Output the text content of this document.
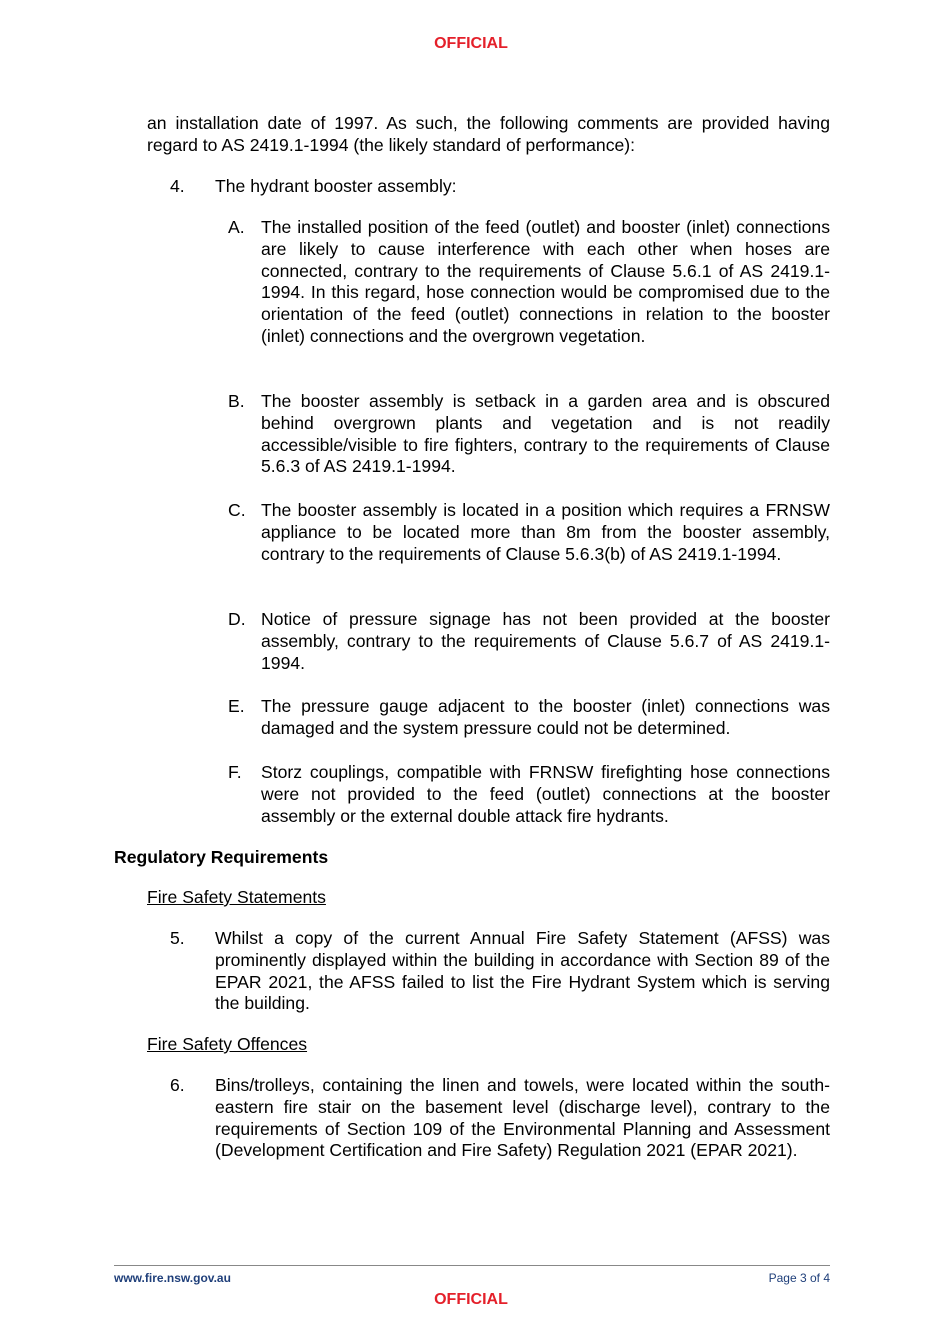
OFFICIAL
an installation date of 1997. As such, the following comments are provided having regard to AS 2419.1-1994 (the likely standard of performance):
4. The hydrant booster assembly:
A. The installed position of the feed (outlet) and booster (inlet) connections are likely to cause interference with each other when hoses are connected, contrary to the requirements of Clause 5.6.1 of AS 2419.1-1994. In this regard, hose connection would be compromised due to the orientation of the feed (outlet) connections in relation to the booster (inlet) connections and the overgrown vegetation.
B. The booster assembly is setback in a garden area and is obscured behind overgrown plants and vegetation and is not readily accessible/visible to fire fighters, contrary to the requirements of Clause 5.6.3 of AS 2419.1-1994.
C. The booster assembly is located in a position which requires a FRNSW appliance to be located more than 8m from the booster assembly, contrary to the requirements of Clause 5.6.3(b) of AS 2419.1-1994.
D. Notice of pressure signage has not been provided at the booster assembly, contrary to the requirements of Clause 5.6.7 of AS 2419.1-1994.
E. The pressure gauge adjacent to the booster (inlet) connections was damaged and the system pressure could not be determined.
F. Storz couplings, compatible with FRNSW firefighting hose connections were not provided to the feed (outlet) connections at the booster assembly or the external double attack fire hydrants.
Regulatory Requirements
Fire Safety Statements
5. Whilst a copy of the current Annual Fire Safety Statement (AFSS) was prominently displayed within the building in accordance with Section 89 of the EPAR 2021, the AFSS failed to list the Fire Hydrant System which is serving the building.
Fire Safety Offences
6. Bins/trolleys, containing the linen and towels, were located within the south-eastern fire stair on the basement level (discharge level), contrary to the requirements of Section 109 of the Environmental Planning and Assessment (Development Certification and Fire Safety) Regulation 2021 (EPAR 2021).
www.fire.nsw.gov.au	Page 3 of 4
OFFICIAL
